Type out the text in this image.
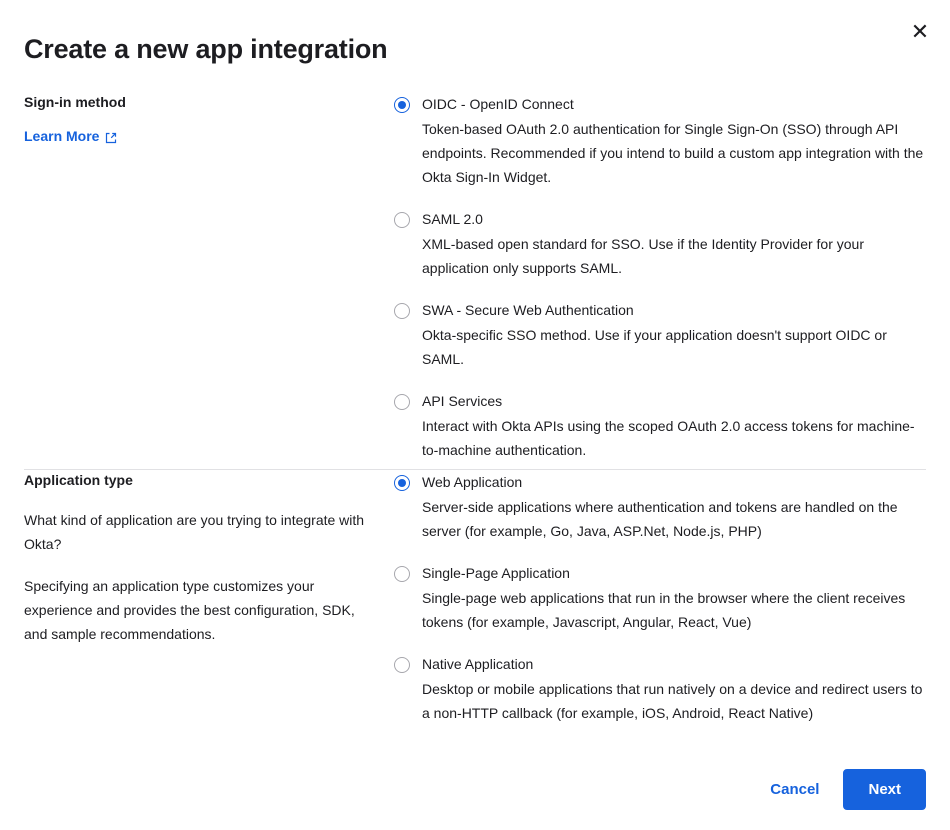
✕
Create a new app integration
Sign-in method
Learn More
OIDC - OpenID Connect

Token-based OAuth 2.0 authentication for Single Sign-On (SSO) through API endpoints. Recommended if you intend to build a custom app integration with the Okta Sign-In Widget.

SAML 2.0

XML-based open standard for SSO. Use if the Identity Provider for your application only supports SAML.

SWA - Secure Web Authentication

Okta-specific SSO method. Use if your application doesn't support OIDC or SAML.

API Services

Interact with Okta APIs using the scoped OAuth 2.0 access tokens for machine-to-machine authentication.

Application type

What kind of application are you trying to integrate with Okta?

Specifying an application type customizes your experience and provides the best configuration, SDK, and sample recommendations.

Web Application

Server-side applications where authentication and tokens are handled on the server (for example, Go, Java, ASP.Net, Node.js, PHP)

Single-Page Application

Single-page web applications that run in the browser where the client receives tokens (for example, Javascript, Angular, React, Vue)

Native Application

Desktop or mobile applications that run natively on a device and redirect users to a non-HTTP callback (for example, iOS, Android, React Native)

Cancel	Next
